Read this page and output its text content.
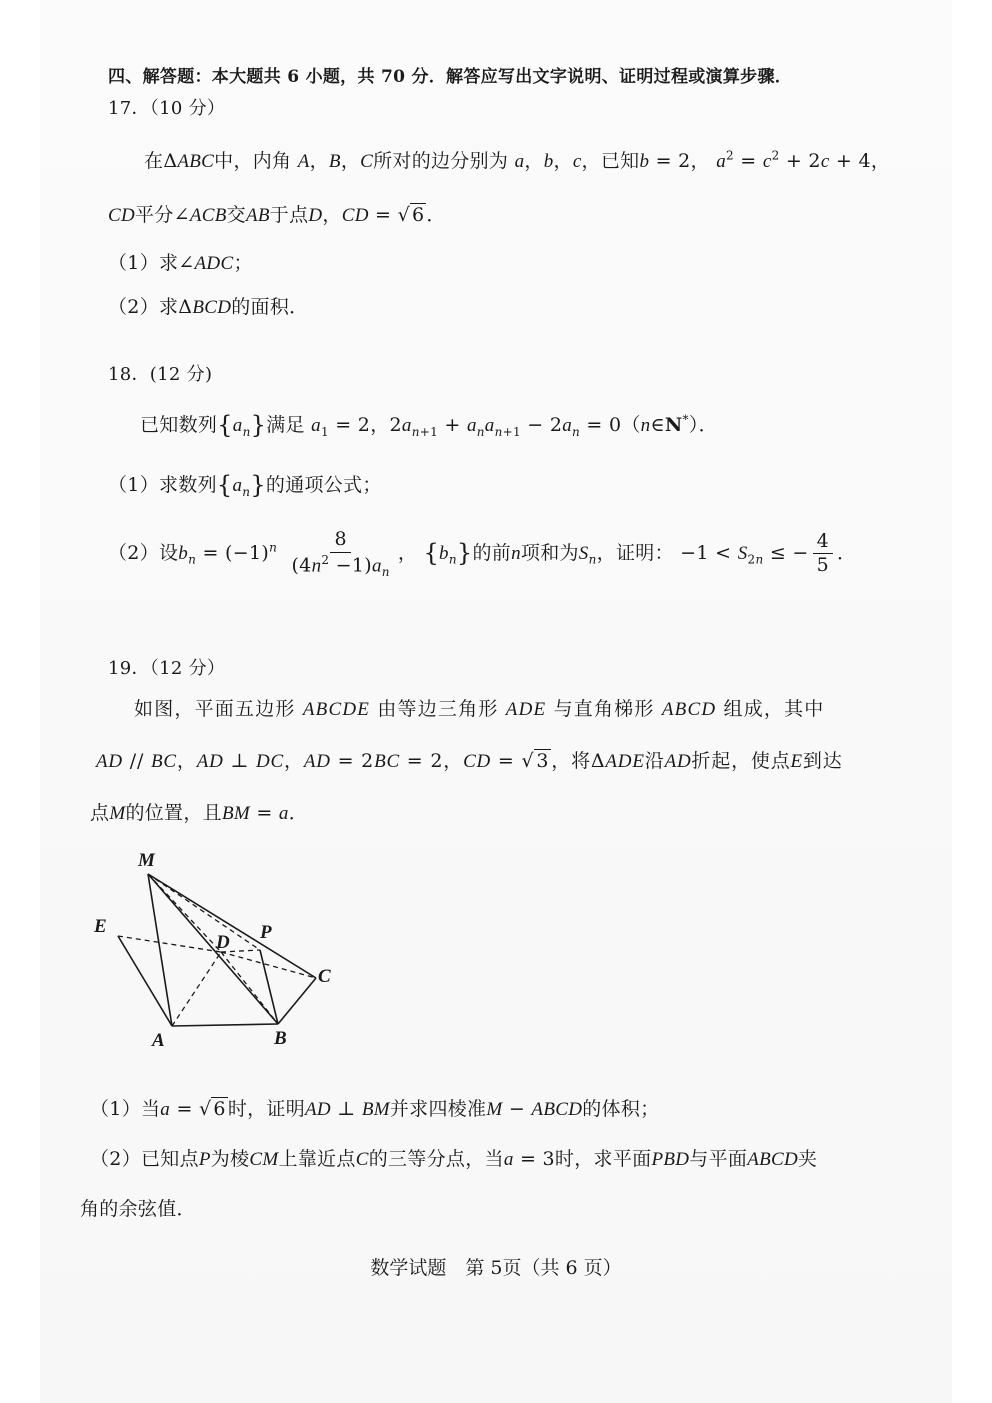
四、解答题：本大题共 6 小题，共 70 分．解答应写出文字说明、证明过程或演算步骤．
17．（10 分）
在ΔABC中，内角 A，B，C所对的边分别为 a，b，c，已知b = 2， $a^2 = c^2 + 2c + 4$，
CD平分∠ACB交AB于点D，CD = √ 6 ．
（1）求∠ADC；
（2）求ΔBCD的面积．
18．(12 分)
已知数列$\{a_n\}$满足 $a_1 = 2$，$2a_{n+1} + a_na_{n+1} - 2a_n$ = 0（n∈N*）．
（1）求数列$\{a_n\}$的通项公式；
（2）设$b_n = (-1)^n \frac{8}{(4n^2 -1)a_n}$ ， $\{b_n\}$的前n项和为$S_n$，证明： $-1 < S_{2n}$ ≤ − $\frac{4}{5}$ ．
19．（12 分）
如图，平面五边形 ABCDE 由等边三角形 ADE 与直角梯形 ABCD 组成，其中
AD // BC，AD ⊥ DC，AD = 2BC = 2，CD = √ 3 ，将ΔADE沿AD折起，使点E到达
点M的位置，且BM = a．
M
E
D P
C
A	B
（1）当a = √ 6 时，证明AD ⊥ BM并求四棱准M − ABCD的体积；
（2）已知点P为棱CM上靠近点C的三等分点，当a = 3时，求平面PBD与平面ABCD夹
角的余弦值．
数学试题　第 5页（共 6 页）
